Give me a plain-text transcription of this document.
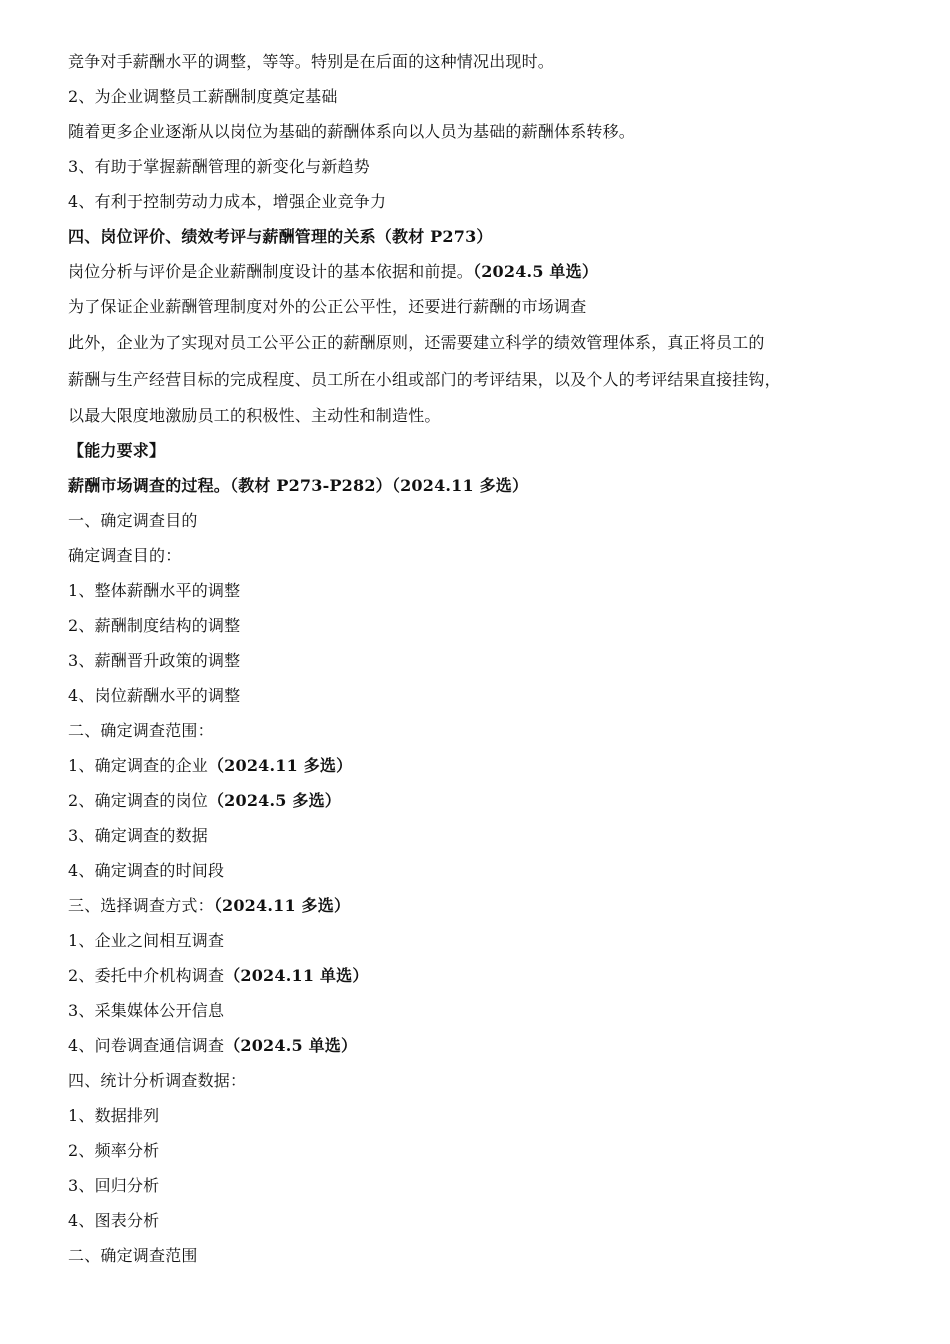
竞争对手薪酬水平的调整，等等。特别是在后面的这种情况出现时。
2、为企业调整员工薪酬制度奠定基础
随着更多企业逐渐从以岗位为基础的薪酬体系向以人员为基础的薪酬体系转移。
3、有助于掌握薪酬管理的新变化与新趋势
4、有利于控制劳动力成本，增强企业竞争力
四、岗位评价、绩效考评与薪酬管理的关系（教材 P273）
岗位分析与评价是企业薪酬制度设计的基本依据和前提。（2024.5 单选）
为了保证企业薪酬管理制度对外的公正公平性，还要进行薪酬的市场调查
此外，企业为了实现对员工公平公正的薪酬原则，还需要建立科学的绩效管理体系，真正将员工的
薪酬与生产经营目标的完成程度、员工所在小组或部门的考评结果，以及个人的考评结果直接挂钩，
以最大限度地激励员工的积极性、主动性和制造性。
【能力要求】
薪酬市场调查的过程。（教材 P273-P282）（2024.11 多选）
一、确定调查目的
确定调查目的：
1、整体薪酬水平的调整
2、薪酬制度结构的调整
3、薪酬晋升政策的调整
4、岗位薪酬水平的调整
二、确定调查范围：
1、确定调查的企业（2024.11 多选）
2、确定调查的岗位（2024.5 多选）
3、确定调查的数据
4、确定调查的时间段
三、选择调查方式：（2024.11 多选）
1、企业之间相互调查
2、委托中介机构调查（2024.11 单选）
3、采集媒体公开信息
4、问卷调查通信调查（2024.5 单选）
四、统计分析调查数据：
1、数据排列
2、频率分析
3、回归分析
4、图表分析
二、确定调查范围
